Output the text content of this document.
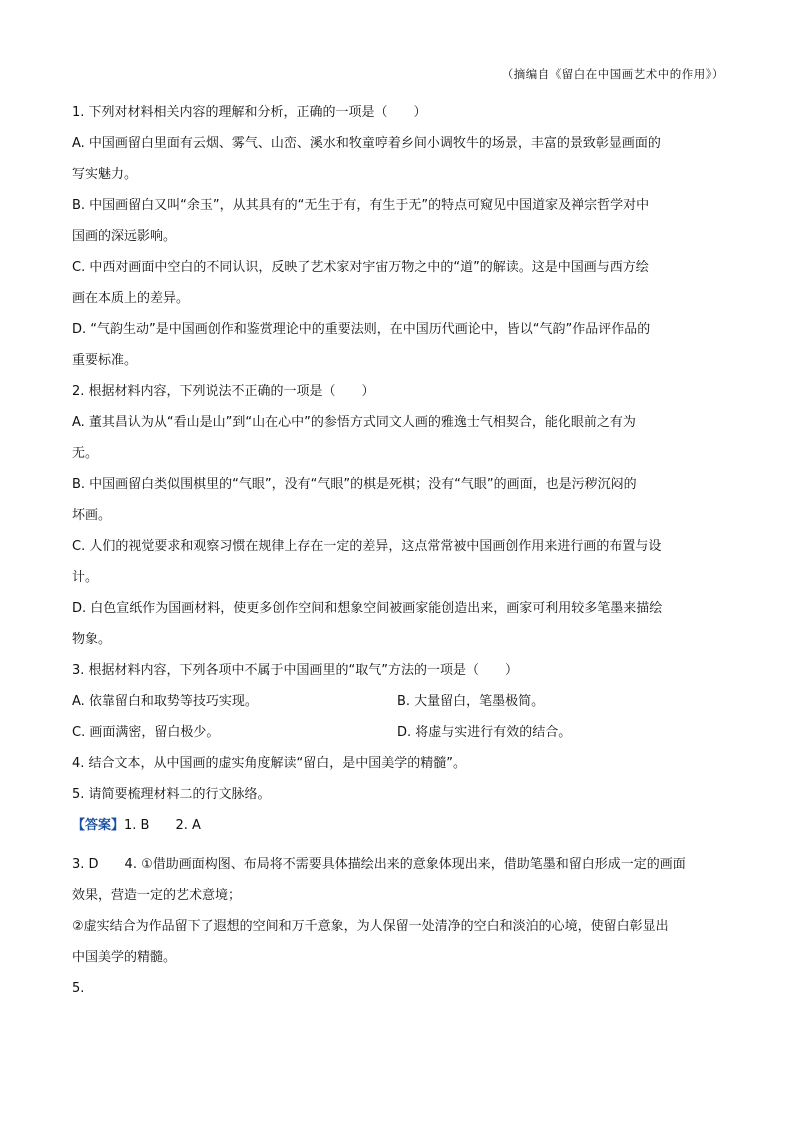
（摘编自《留白在中国画艺术中的作用》）
1. 下列对材料相关内容的理解和分析，正确的一项是（　　）
A. 中国画留白里面有云烟、雾气、山峦、溪水和牧童哼着乡间小调牧牛的场景，丰富的景致彰显画面的
写实魅力。
B. 中国画留白又叫“余玉”，从其具有的“无生于有，有生于无”的特点可窥见中国道家及禅宗哲学对中
国画的深远影响。
C. 中西对画面中空白的不同认识，反映了艺术家对宇宙万物之中的“道”的解读。这是中国画与西方绘
画在本质上的差异。
D. “气韵生动”是中国画创作和鉴赏理论中的重要法则，在中国历代画论中，皆以“气韵”作品评作品的
重要标准。
2. 根据材料内容，下列说法不正确的一项是（　　）
A. 董其昌认为从“看山是山”到“山在心中”的参悟方式同文人画的雅逸士气相契合，能化眼前之有为
无。
B. 中国画留白类似围棋里的“气眼”，没有“气眼”的棋是死棋；没有“气眼”的画面，也是污秽沉闷的
坏画。
C. 人们的视觉要求和观察习惯在规律上存在一定的差异，这点常常被中国画创作用来进行画的布置与设
计。
D. 白色宣纸作为国画材料，使更多创作空间和想象空间被画家能创造出来，画家可利用较多笔墨来描绘
物象。
3. 根据材料内容，下列各项中不属于中国画里的“取气”方法的一项是（　　）
A. 依靠留白和取势等技巧实现。	B. 大量留白，笔墨极简。
C. 画面满密，留白极少。	D. 将虚与实进行有效的结合。
4. 结合文本，从中国画的虚实角度解读“留白，是中国美学的精髓”。
5. 请简要梳理材料二的行文脉络。
【答案】1. B 2. A
3. D 4. ①借助画面构图、布局将不需要具体描绘出来的意象体现出来，借助笔墨和留白形成一定的画面
效果，营造一定的艺术意境；
②虚实结合为作品留下了遐想的空间和万千意象，为人保留一处清净的空白和淡泊的心境，使留白彰显出
中国美学的精髓。
5.
